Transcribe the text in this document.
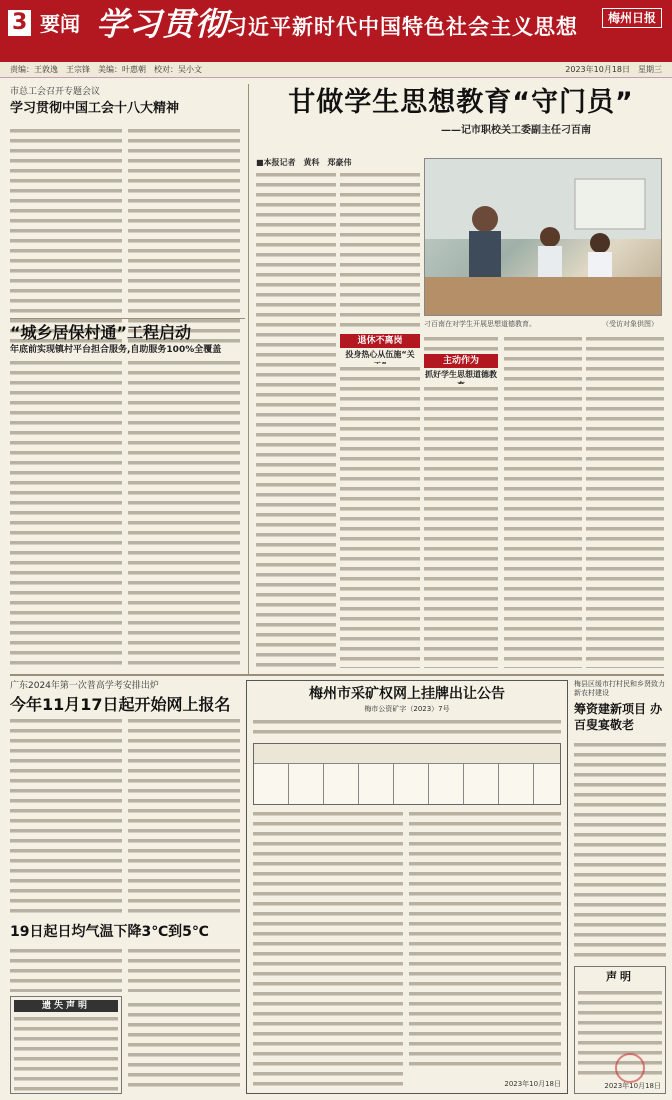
3 要闻 学习贯彻
习近平新时代中国特色社会主义思想	梅州日报
责编：王敦逸　王宗锋　美编：叶惠朝　校对：吴小文	2023年10月18日　星期三
市总工会召开专题会议
学习贯彻中国工会十八大精神
“城乡居保村通”工程启动
年底前实现镇村平台担合服务,自助服务100%全覆盖
甘做学生思想教育“守门员”
——记市职校关工委副主任刁百南
■本报记者　黄科　郑豪伟
刁百南在对学生开展思想道德教育。	（受访对象供图）
退休不离岗
投身热心从伍施“关
主动作为
抓好学生思想道德教
广东2024年第一次普高学考安排出炉
今年11月17日起开始网上报名
19日起日均气温下降3℃到5℃
遗失声明
梅州市采矿权网上挂牌出让公告
梅市公资矿字（2023）7号
2023年10月18日
梅县区缓市打村民和乡贤致力新农村建设
筹资建新项目 办百叟宴敬老
声明
2023年10月18日
